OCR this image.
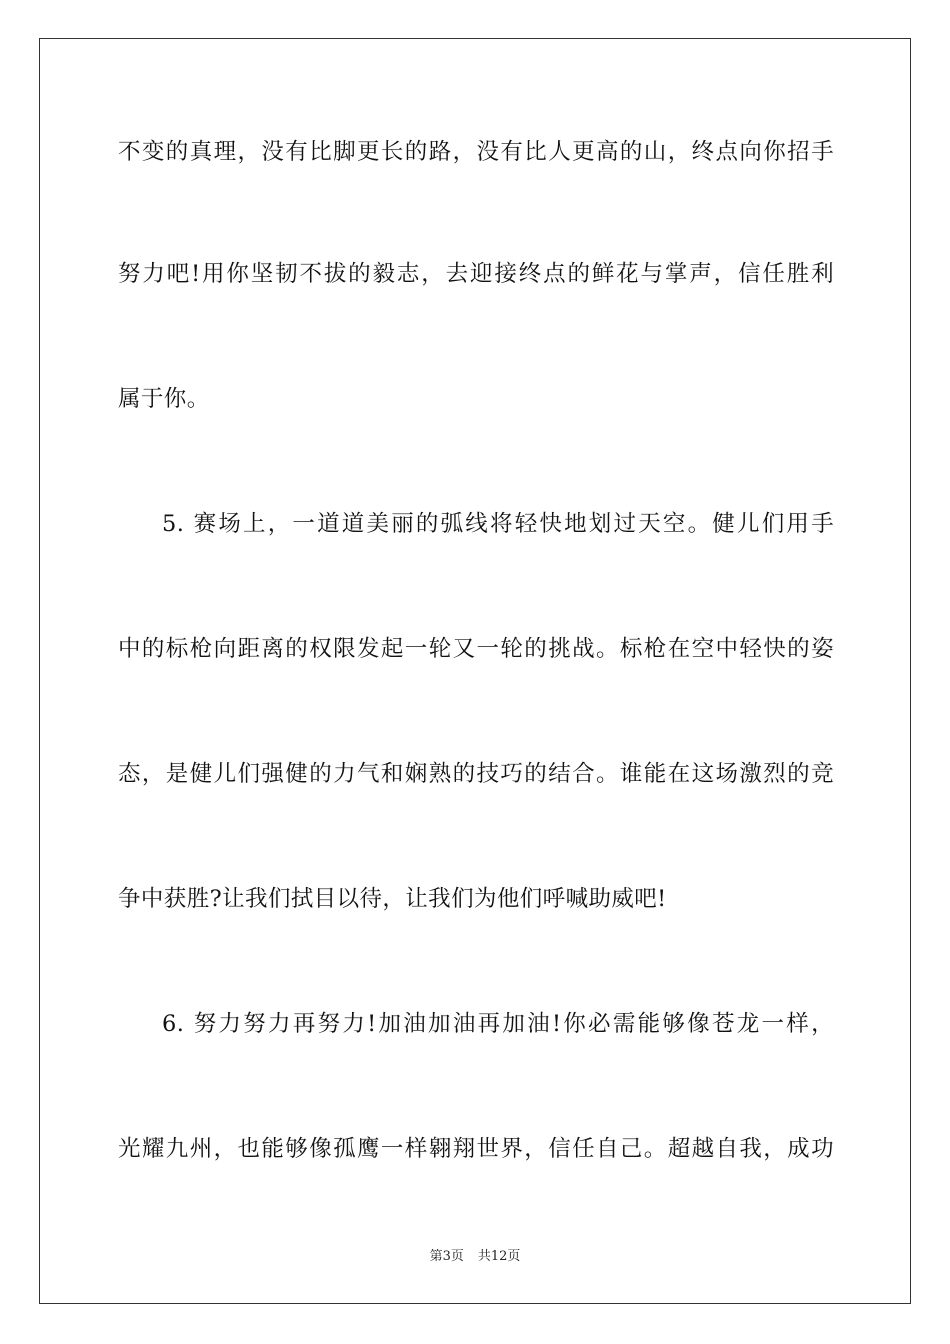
不变的真理，没有比脚更长的路，没有比人更高的山，终点向你招手
努力吧!用你坚韧不拔的毅志，去迎接终点的鲜花与掌声，信任胜利
属于你。
5. 赛场上，一道道美丽的弧线将轻快地划过天空。健儿们用手
中的标枪向距离的权限发起一轮又一轮的挑战。标枪在空中轻快的姿
态，是健儿们强健的力气和娴熟的技巧的结合。谁能在这场激烈的竞
争中获胜?让我们拭目以待，让我们为他们呼喊助威吧!
6. 努力努力再努力!加油加油再加油!你必需能够像苍龙一样，
光耀九州，也能够像孤鹰一样翱翔世界，信任自己。超越自我，成功
第3页 共12页
